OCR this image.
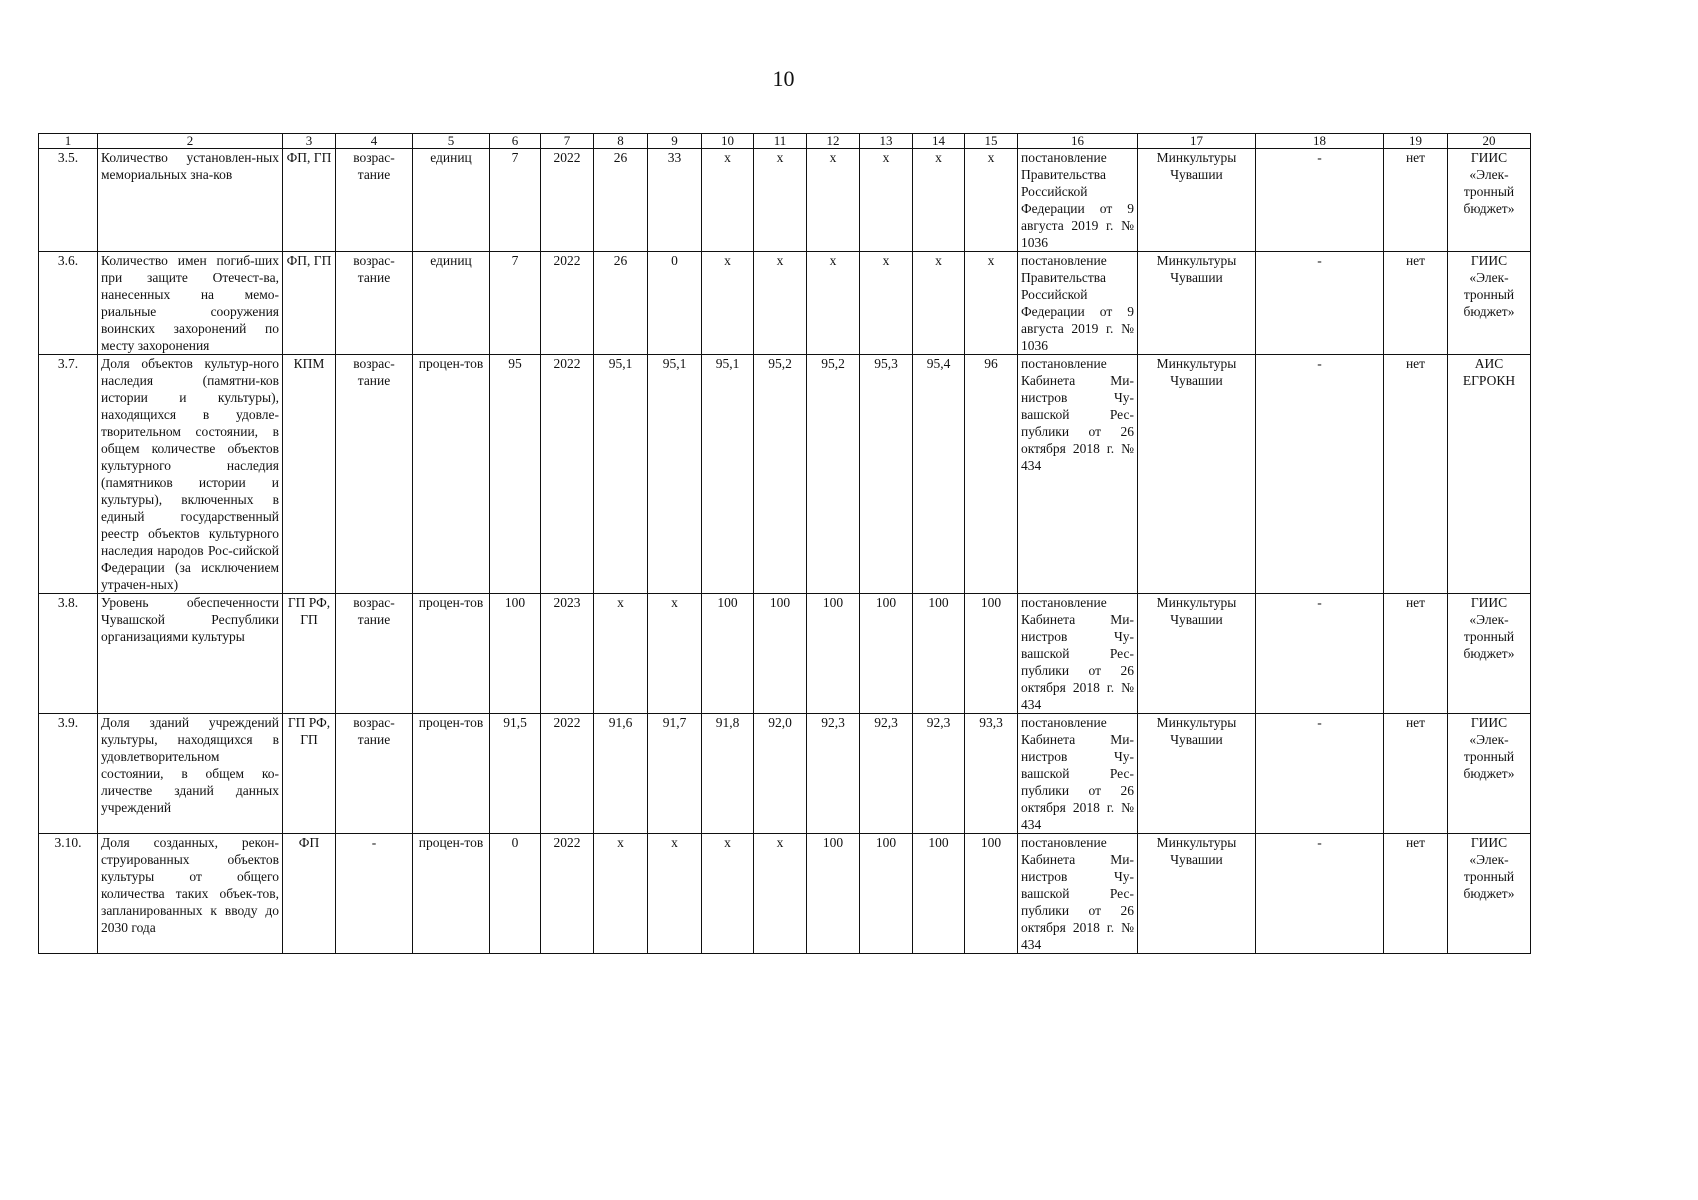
10
1	2	3	4	5	6	7	8	9	10	11	12	13	14	15	16	17	18	19	20
3.5.	Количество установлен-ных мемориальных зна-ков	ФП, ГП	возрас-тание	единиц	7	2022	26	33	х	х	х	х	х	х	постановление Правительства Российской Федерации от 9 августа 2019 г. № 1036	Минкультуры Чувашии	-	нет	ГИИС «Элек-тронный бюджет»
3.6.	Количество имен погиб-ших при защите Отечест-ва, нанесенных на мемо-риальные сооружения воинских захоронений по месту захоронения	ФП, ГП	возрас-тание	единиц	7	2022	26	0	х	х	х	х	х	х	постановление Правительства Российской Федерации от 9 августа 2019 г. № 1036	Минкультуры Чувашии	-	нет	ГИИС «Элек-тронный бюджет»
3.7.	Доля объектов культур-ного наследия (памятни-ков истории и культуры), находящихся в удовле-творительном состоянии, в общем количестве объектов культурного наследия (памятников истории и культуры), включенных в единый государственный реестр объектов культурного наследия народов Рос-сийской Федерации (за исключением утрачен-ных)	КПМ	возрас-тание	процен-тов	95	2022	95,1	95,1	95,1	95,2	95,2	95,3	95,4	96	постановление Кабинета Ми-нистров Чу-вашской Рес-публики от 26 октября 2018 г. № 434	Минкультуры Чувашии	-	нет	АИС ЕГРОКН
3.8.	Уровень обеспеченности Чувашской Республики организациями культуры	ГП РФ, ГП	возрас-тание	процен-тов	100	2023	х	х	100	100	100	100	100	100	постановление Кабинета Ми-нистров Чу-вашской Рес-публики от 26 октября 2018 г. № 434	Минкультуры Чувашии	-	нет	ГИИС «Элек-тронный бюджет»
3.9.	Доля зданий учреждений культуры, находящихся в удовлетворительном состоянии, в общем ко-личестве зданий данных учреждений	ГП РФ, ГП	возрас-тание	процен-тов	91,5	2022	91,6	91,7	91,8	92,0	92,3	92,3	92,3	93,3	постановление Кабинета Ми-нистров Чу-вашской Рес-публики от 26 октября 2018 г. № 434	Минкультуры Чувашии	-	нет	ГИИС «Элек-тронный бюджет»
3.10.	Доля созданных, рекон-струированных объектов культуры от общего количества таких объек-тов, запланированных к вводу до 2030 года	ФП	-	процен-тов	0	2022	х	х	х	х	100	100	100	100	постановление Кабинета Ми-нистров Чу-вашской Рес-публики от 26 октября 2018 г. № 434	Минкультуры Чувашии	-	нет	ГИИС «Элек-тронный бюджет»
